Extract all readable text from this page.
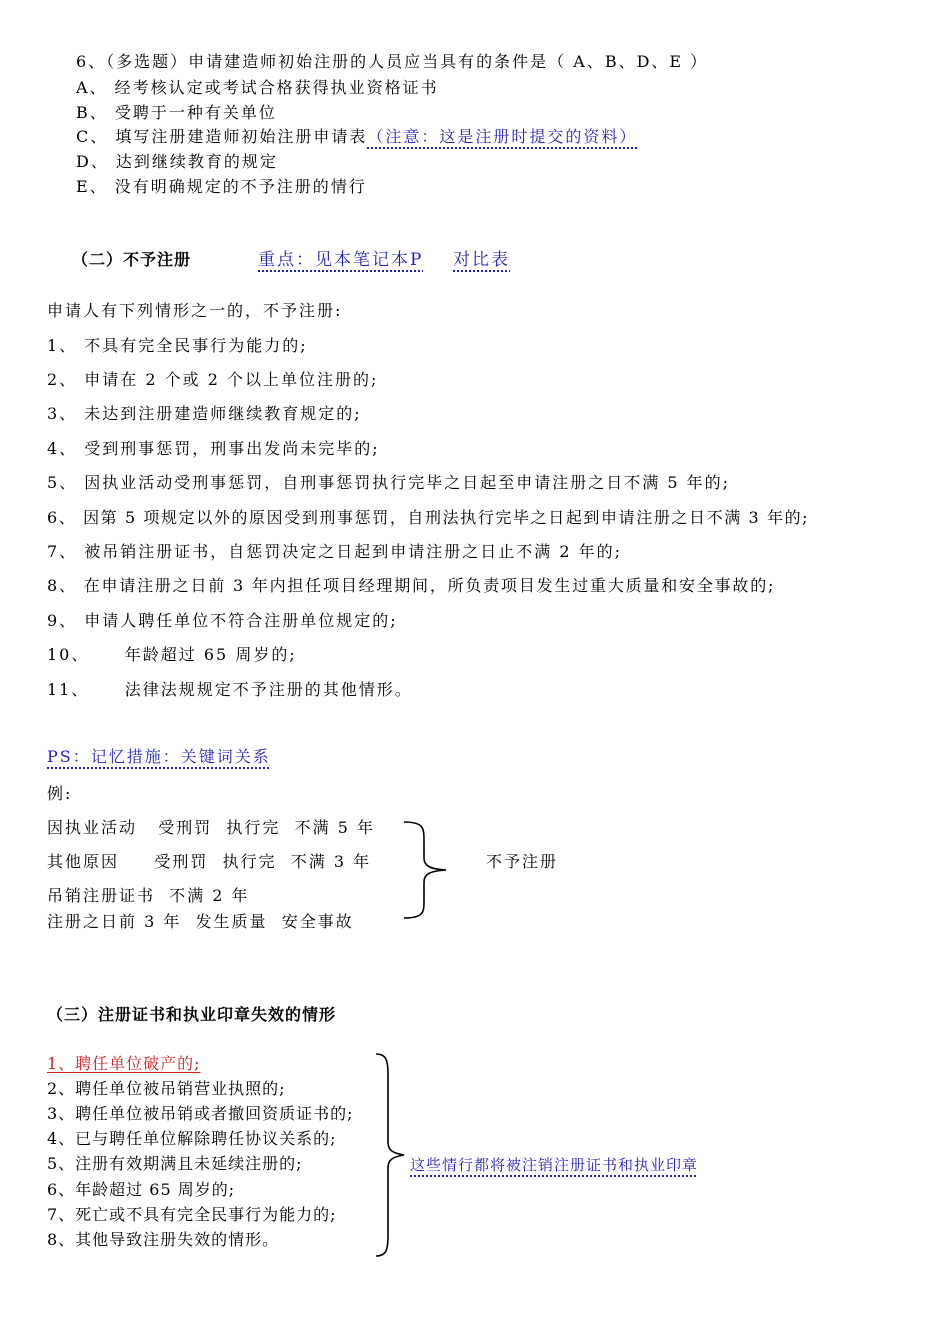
6、（多选题）申请建造师初始注册的人员应当具有的条件是（ A、B、D、E ）
A、 经考核认定或考试合格获得执业资格证书
B、 受聘于一种有关单位
C、 填写注册建造师初始注册申请表（注意：这是注册时提交的资料）
D、 达到继续教育的规定
E、 没有明确规定的不予注册的情行
（二）不予注册	重点：见本笔记本P 对比表
申请人有下列情形之一的，不予注册:
1、 不具有完全民事行为能力的;
2、 申请在 2 个或 2 个以上单位注册的;
3、 未达到注册建造师继续教育规定的;
4、 受到刑事惩罚，刑事出发尚未完毕的;
5、 因执业活动受刑事惩罚，自刑事惩罚执行完毕之日起至申请注册之日不满 5 年的;
6、 因第 5 项规定以外的原因受到刑事惩罚，自刑法执行完毕之日起到申请注册之日不满 3 年的;
7、 被吊销注册证书，自惩罚决定之日起到申请注册之日止不满 2 年的;
8、 在申请注册之日前 3 年内担任项目经理期间，所负责项目发生过重大质量和安全事故的;
9、 申请人聘任单位不符合注册单位规定的;
10、     年龄超过 65 周岁的;
11、     法律法规规定不予注册的其他情形。
PS：记忆措施：关键词关系
例:
因执业活动   受刑罚  执行完  不满 5 年
其他原因     受刑罚  执行完  不满 3 年
吊销注册证书  不满 2 年
注册之日前 3 年  发生质量  安全事故
不予注册
（三）注册证书和执业印章失效的情形
1、聘任单位破产的;
2、聘任单位被吊销营业执照的;
3、聘任单位被吊销或者撤回资质证书的;
4、已与聘任单位解除聘任协议关系的;
5、注册有效期满且未延续注册的;
6、年龄超过 65 周岁的;
7、死亡或不具有完全民事行为能力的;
8、其他导致注册失效的情形。
这些情行都将被注销注册证书和执业印章
